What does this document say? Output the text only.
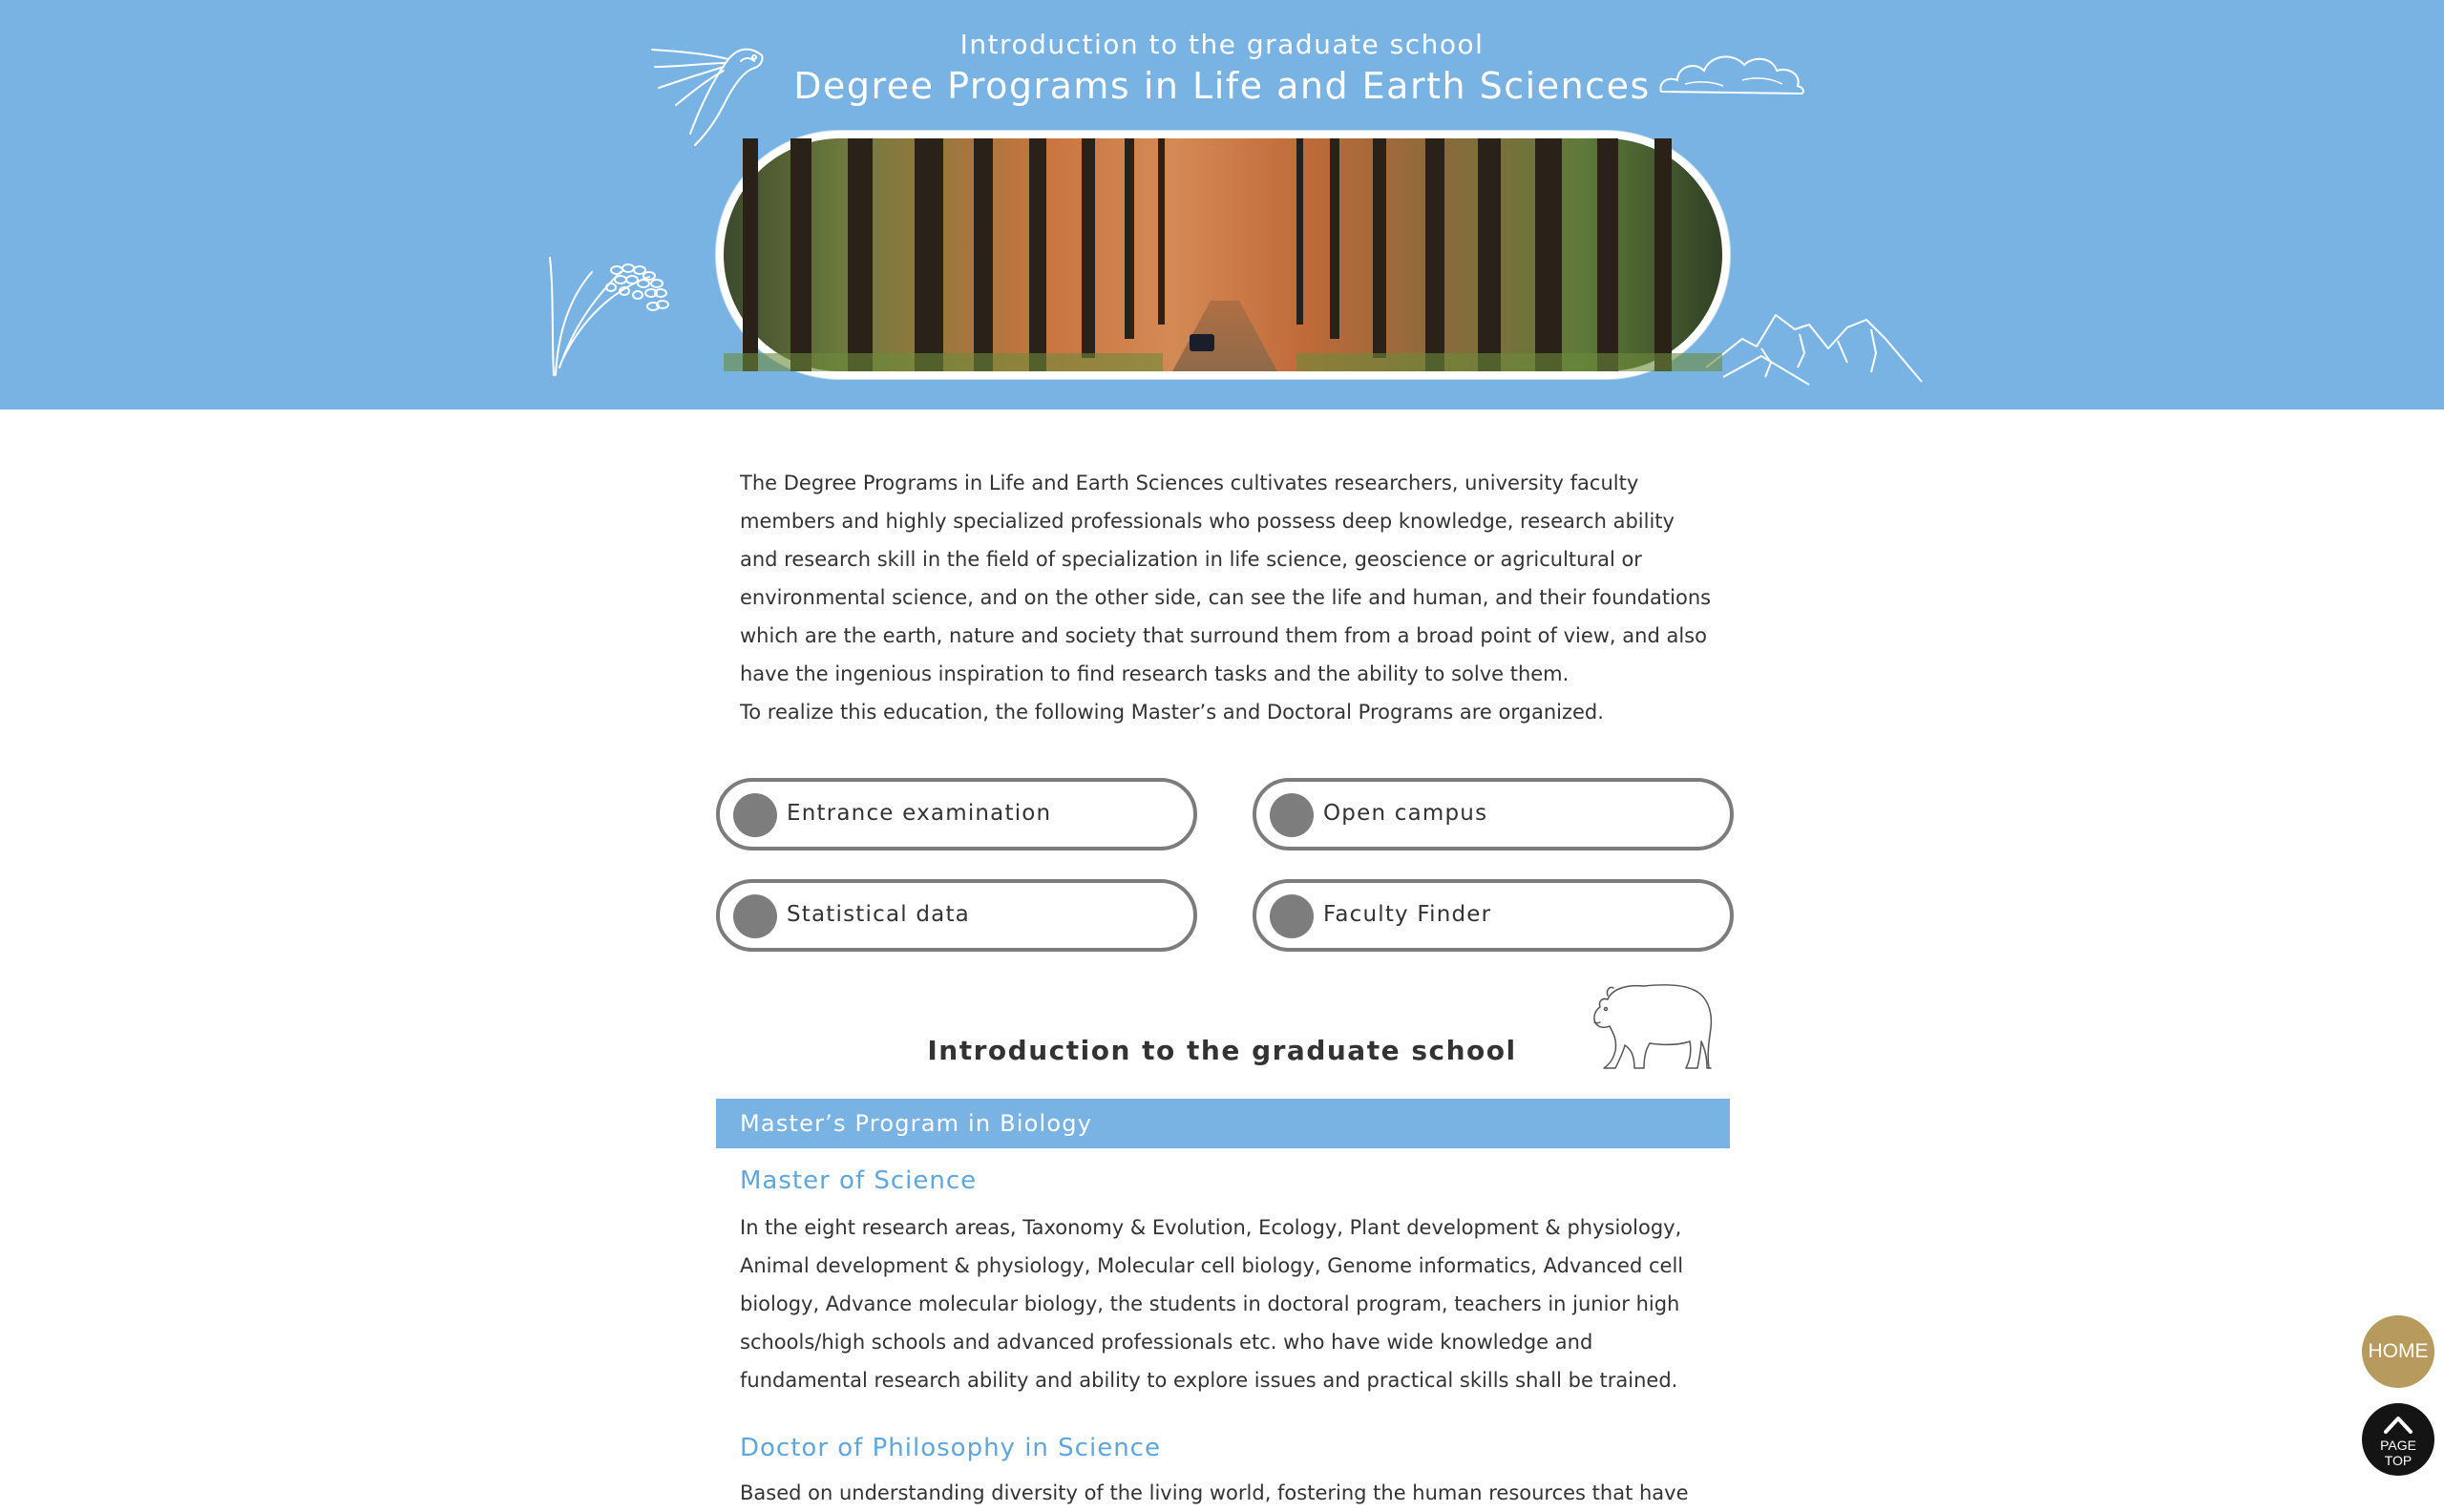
Introduction to the graduate school
Degree Programs in Life and Earth Sciences

The Degree Programs in Life and Earth Sciences cultivates researchers, university faculty members and highly specialized professionals who possess deep knowledge, research ability and research skill in the field of specialization in life science, geoscience or agricultural or environmental science, and on the other side, can see the life and human, and their foundations which are the earth, nature and society that surround them from a broad point of view, and also have the ingenious inspiration to find research tasks and the ability to solve them.

To realize this education, the following Master’s and Doctoral Programs are organized.

Entrance examination	Open campus
Statistical data	Faculty Finder
Introduction to the graduate school
Master’s Program in Biology
Master of Science
In the eight research areas, Taxonomy & Evolution, Ecology, Plant development & physiology, Animal development & physiology, Molecular cell biology, Genome informatics, Advanced cell biology, Advance molecular biology, the students in doctoral program, teachers in junior high schools/high schools and advanced professionals etc. who have wide knowledge and fundamental research ability and ability to explore issues and practical skills shall be trained.
Doctor of Philosophy in Science
Based on understanding diversity of the living world, fostering the human resources that have
HOME
PAGE
TOP
